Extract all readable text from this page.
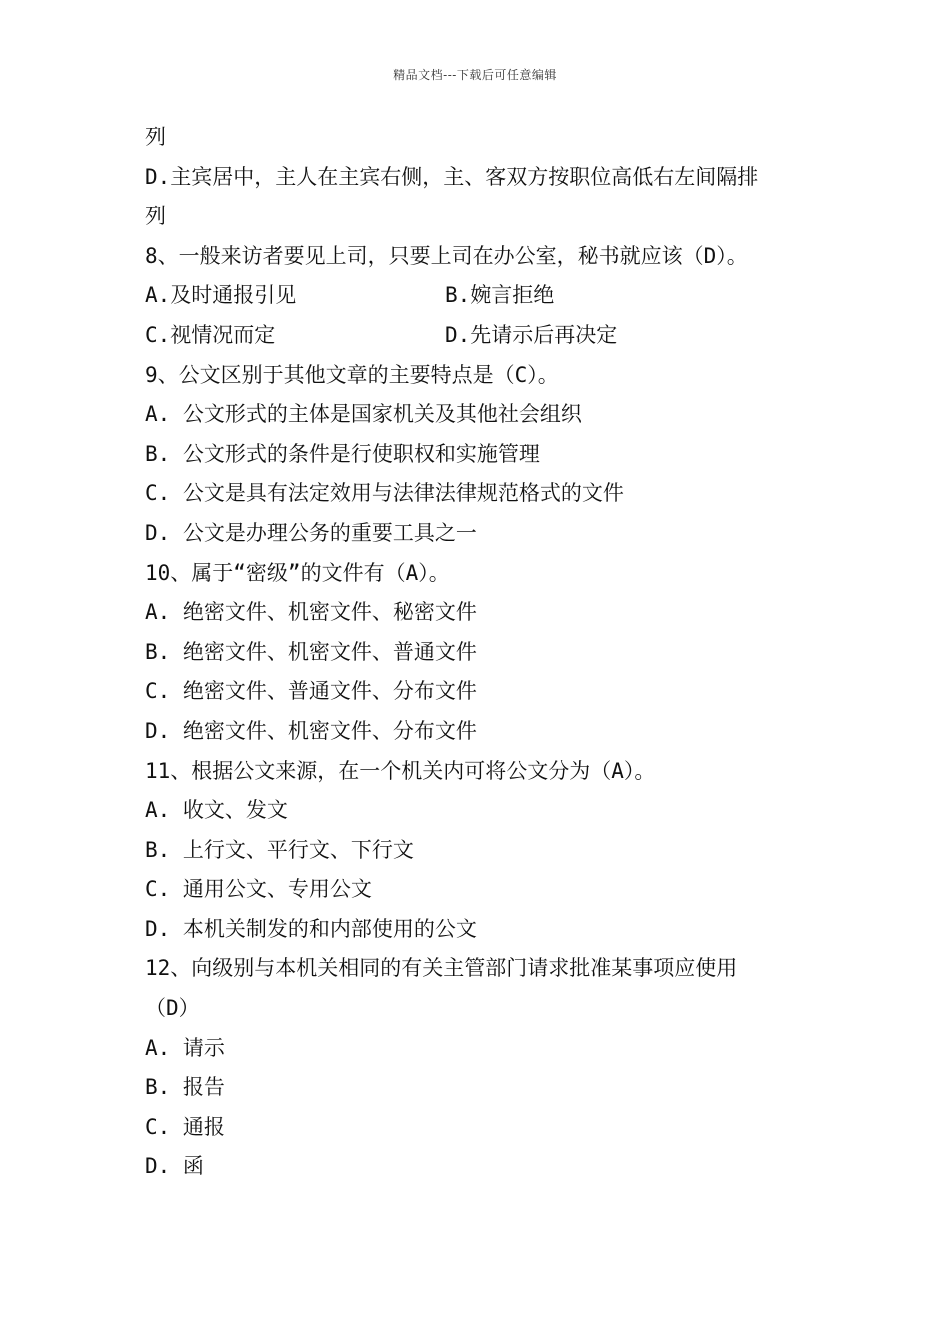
精品文档---下载后可任意编辑
列
D.主宾居中，主人在主宾右侧，主、客双方按职位高低右左间隔排
列
8、一般来访者要见上司，只要上司在办公室，秘书就应该（D）。
A.及时通报引见	B.婉言拒绝
C.视情况而定	D.先请示后再决定
9、公文区别于其他文章的主要特点是（C）。
A. 公文形式的主体是国家机关及其他社会组织
B. 公文形式的条件是行使职权和实施管理
C. 公文是具有法定效用与法律法律规范格式的文件
D. 公文是办理公务的重要工具之一
10、属于“密级”的文件有（A）。
A. 绝密文件、机密文件、秘密文件
B. 绝密文件、机密文件、普通文件
C. 绝密文件、普通文件、分布文件
D. 绝密文件、机密文件、分布文件
11、根据公文来源，在一个机关内可将公文分为（A）。
A. 收文、发文
B. 上行文、平行文、下行文
C. 通用公文、专用公文
D. 本机关制发的和内部使用的公文
12、向级别与本机关相同的有关主管部门请求批准某事项应使用
（D）
A. 请示
B. 报告
C. 通报
D. 函
